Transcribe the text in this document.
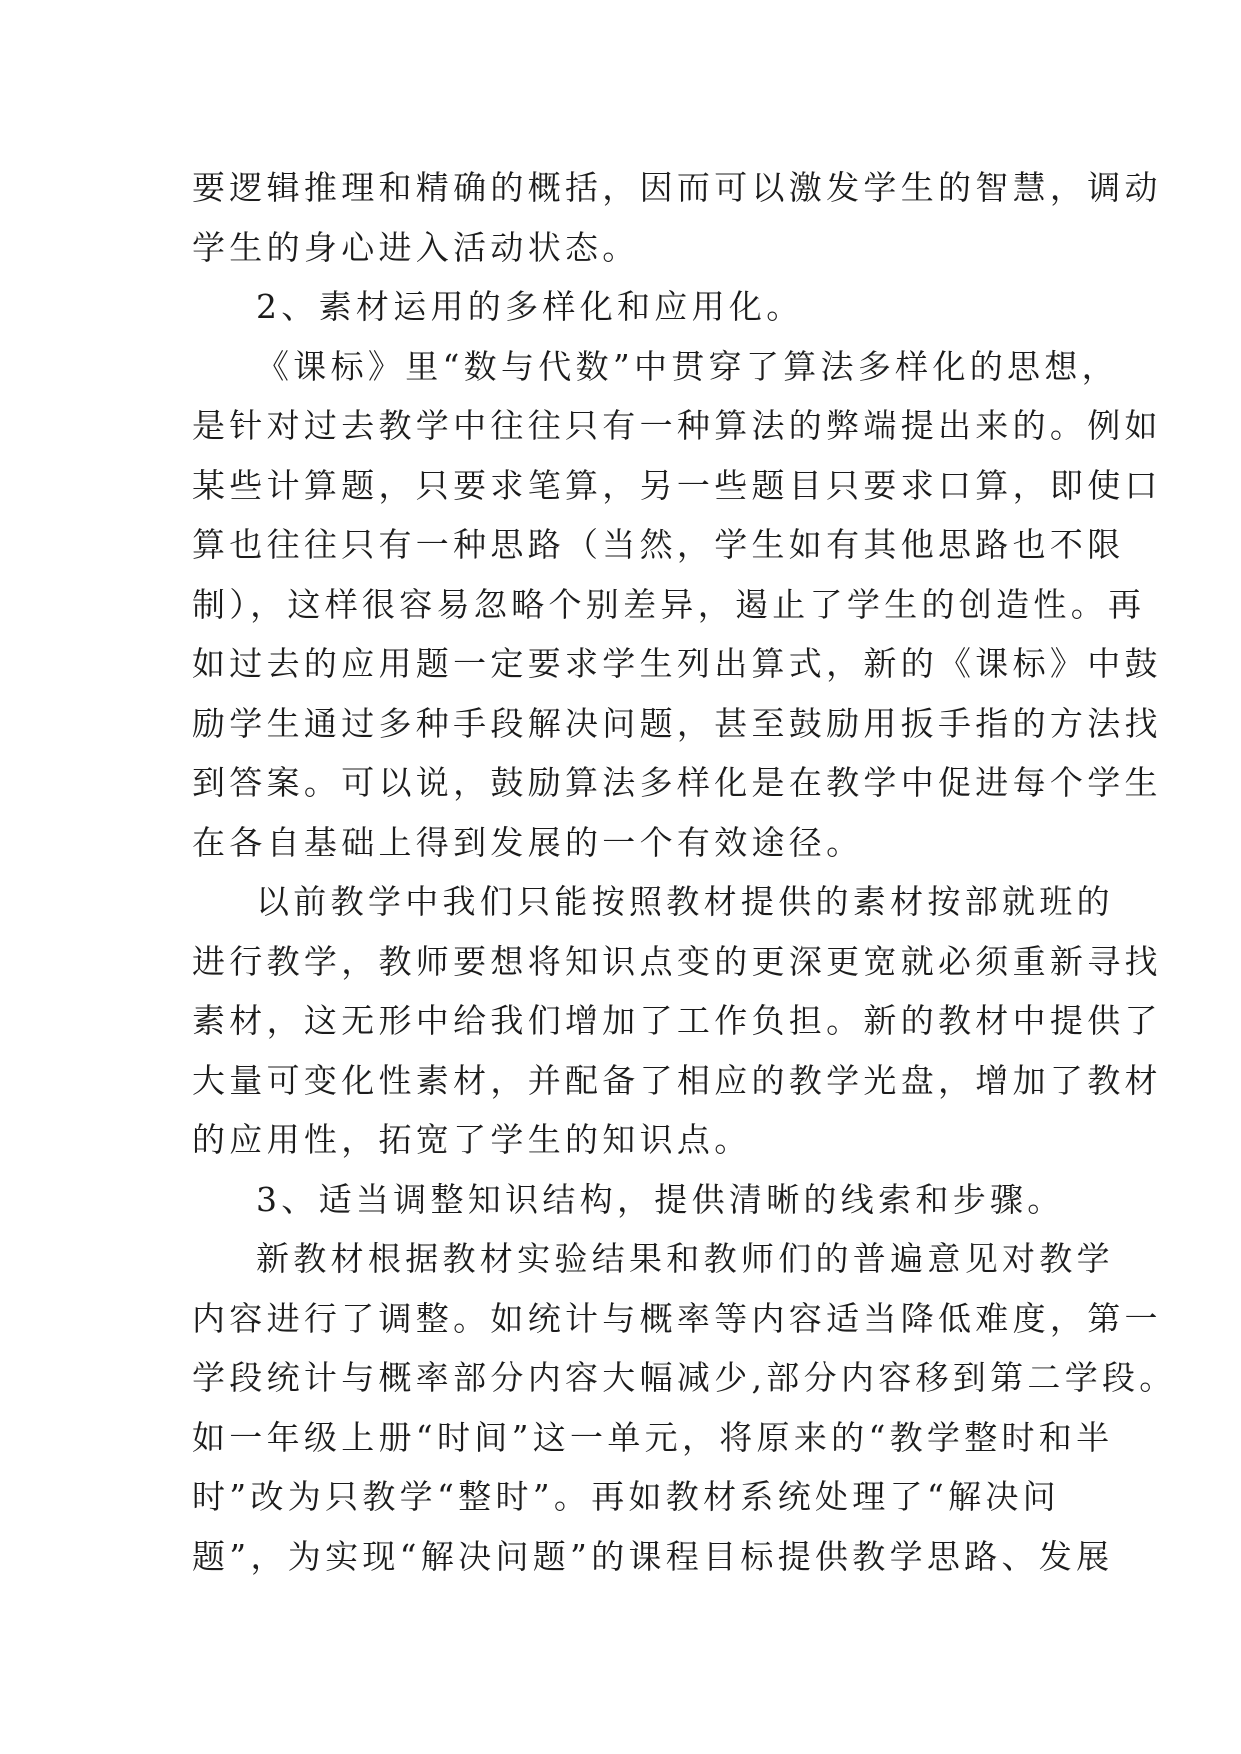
要逻辑推理和精确的概括，因而可以激发学生的智慧，调动
学生的身心进入活动状态。
2、素材运用的多样化和应用化。
《课标》里“数与代数”中贯穿了算法多样化的思想，
是针对过去教学中往往只有一种算法的弊端提出来的。例如
某些计算题，只要求笔算，另一些题目只要求口算，即使口
算也往往只有一种思路（当然，学生如有其他思路也不限
制），这样很容易忽略个别差异，遏止了学生的创造性。再
如过去的应用题一定要求学生列出算式，新的《课标》中鼓
励学生通过多种手段解决问题，甚至鼓励用扳手指的方法找
到答案。可以说，鼓励算法多样化是在教学中促进每个学生
在各自基础上得到发展的一个有效途径。
以前教学中我们只能按照教材提供的素材按部就班的
进行教学，教师要想将知识点变的更深更宽就必须重新寻找
素材，这无形中给我们增加了工作负担。新的教材中提供了
大量可变化性素材，并配备了相应的教学光盘，增加了教材
的应用性，拓宽了学生的知识点。
3、适当调整知识结构，提供清晰的线索和步骤。
新教材根据教材实验结果和教师们的普遍意见对教学
内容进行了调整。如统计与概率等内容适当降低难度，第一
学段统计与概率部分内容大幅减少,部分内容移到第二学段。
如一年级上册“时间”这一单元，将原来的“教学整时和半
时”改为只教学“整时”。再如教材系统处理了“解决问
题”，为实现“解决问题”的课程目标提供教学思路、发展
